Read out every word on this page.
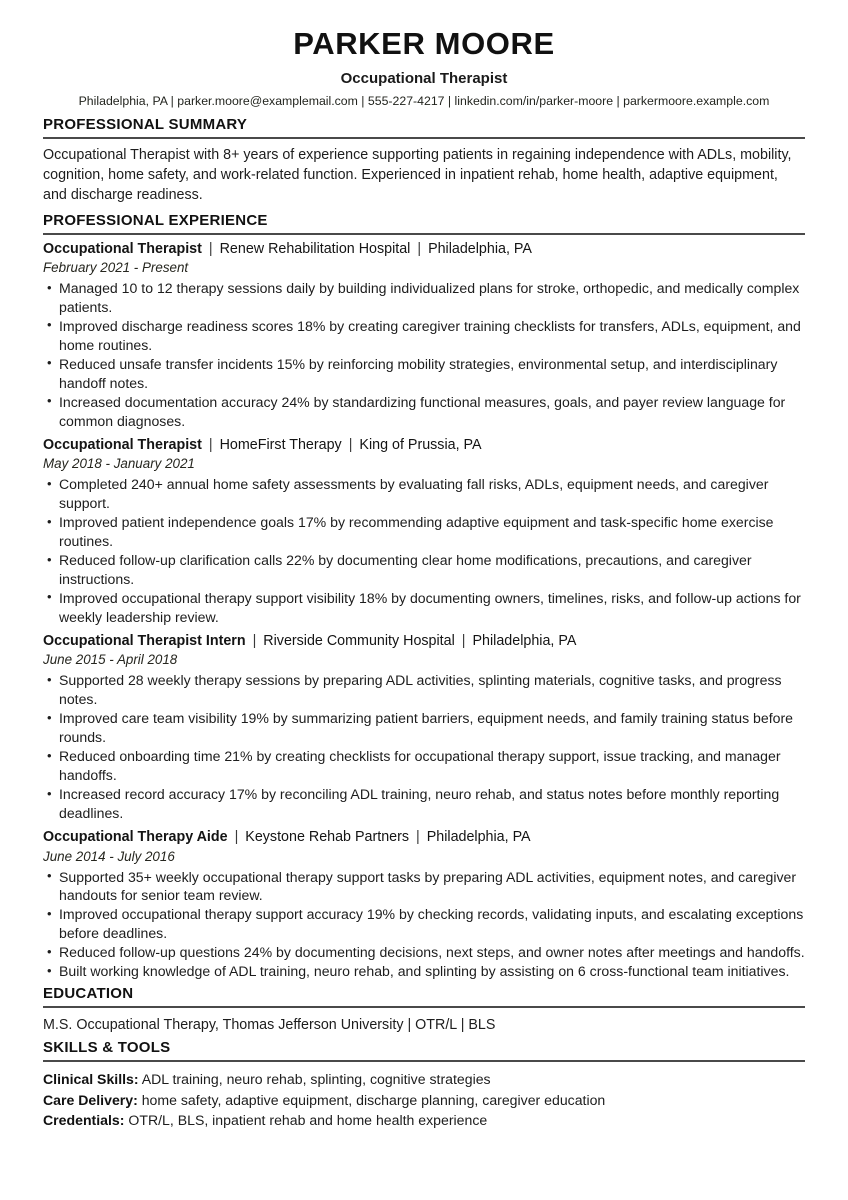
PARKER MOORE
Occupational Therapist
Philadelphia, PA | parker.moore@examplemail.com | 555-227-4217 | linkedin.com/in/parker-moore | parkermoore.example.com
PROFESSIONAL SUMMARY
Occupational Therapist with 8+ years of experience supporting patients in regaining independence with ADLs, mobility, cognition, home safety, and work-related function. Experienced in inpatient rehab, home health, adaptive equipment, and discharge readiness.
PROFESSIONAL EXPERIENCE
Occupational Therapist | Renew Rehabilitation Hospital | Philadelphia, PA
February 2021 - Present
• Managed 10 to 12 therapy sessions daily by building individualized plans for stroke, orthopedic, and medically complex patients.
• Improved discharge readiness scores 18% by creating caregiver training checklists for transfers, ADLs, equipment, and home routines.
• Reduced unsafe transfer incidents 15% by reinforcing mobility strategies, environmental setup, and interdisciplinary handoff notes.
• Increased documentation accuracy 24% by standardizing functional measures, goals, and payer review language for common diagnoses.
Occupational Therapist | HomeFirst Therapy | King of Prussia, PA
May 2018 - January 2021
• Completed 240+ annual home safety assessments by evaluating fall risks, ADLs, equipment needs, and caregiver support.
• Improved patient independence goals 17% by recommending adaptive equipment and task-specific home exercise routines.
• Reduced follow-up clarification calls 22% by documenting clear home modifications, precautions, and caregiver instructions.
• Improved occupational therapy support visibility 18% by documenting owners, timelines, risks, and follow-up actions for weekly leadership review.
Occupational Therapist Intern | Riverside Community Hospital | Philadelphia, PA
June 2015 - April 2018
• Supported 28 weekly therapy sessions by preparing ADL activities, splinting materials, cognitive tasks, and progress notes.
• Improved care team visibility 19% by summarizing patient barriers, equipment needs, and family training status before rounds.
• Reduced onboarding time 21% by creating checklists for occupational therapy support, issue tracking, and manager handoffs.
• Increased record accuracy 17% by reconciling ADL training, neuro rehab, and status notes before monthly reporting deadlines.
Occupational Therapy Aide | Keystone Rehab Partners | Philadelphia, PA
June 2014 - July 2016
• Supported 35+ weekly occupational therapy support tasks by preparing ADL activities, equipment notes, and caregiver handouts for senior team review.
• Improved occupational therapy support accuracy 19% by checking records, validating inputs, and escalating exceptions before deadlines.
• Reduced follow-up questions 24% by documenting decisions, next steps, and owner notes after meetings and handoffs.
• Built working knowledge of ADL training, neuro rehab, and splinting by assisting on 6 cross-functional team initiatives.
EDUCATION
M.S. Occupational Therapy, Thomas Jefferson University | OTR/L | BLS
SKILLS & TOOLS
Clinical Skills: ADL training, neuro rehab, splinting, cognitive strategies
Care Delivery: home safety, adaptive equipment, discharge planning, caregiver education
Credentials: OTR/L, BLS, inpatient rehab and home health experience
